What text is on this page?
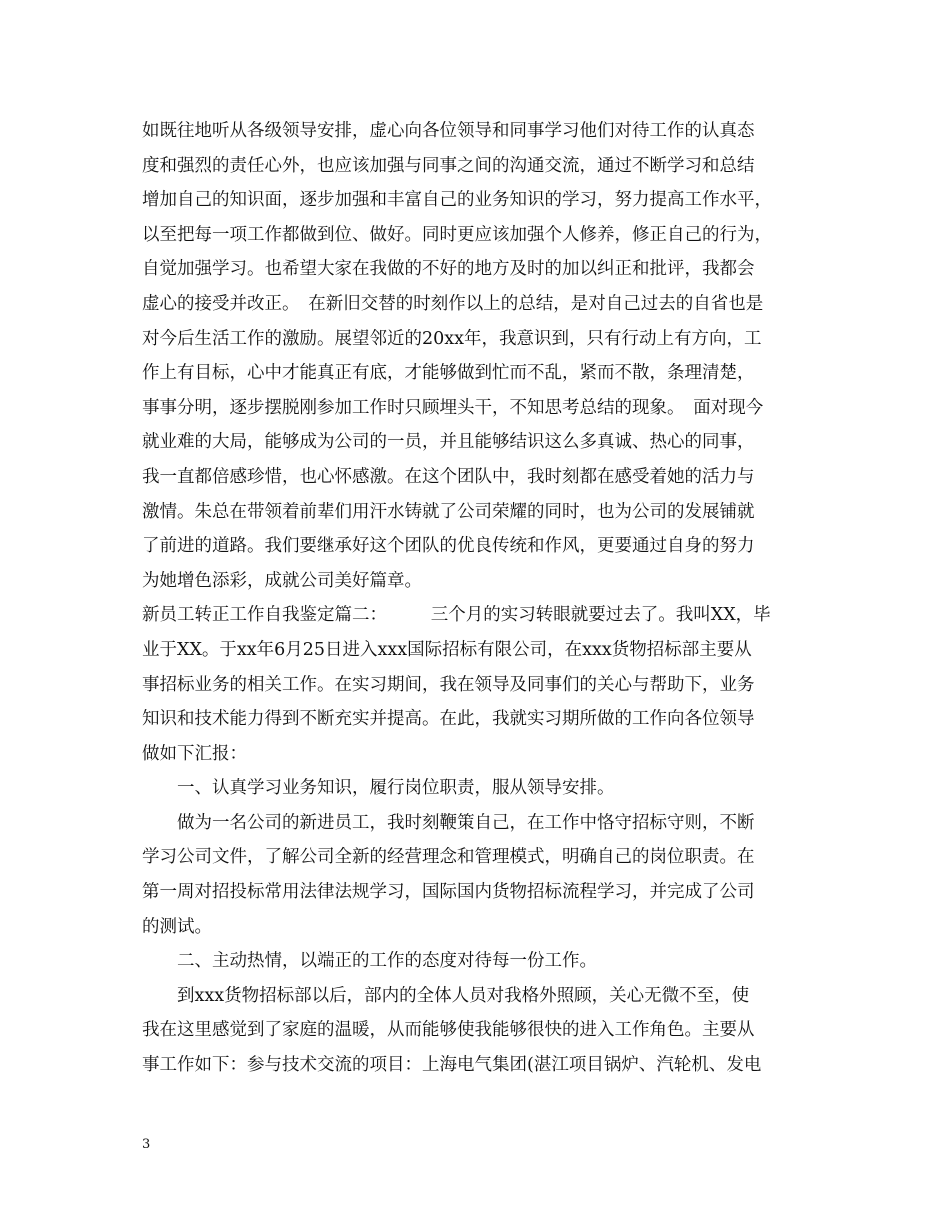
如既往地听从各级领导安排，虚心向各位领导和同事学习他们对待工作的认真态
度和强烈的责任心外，也应该加强与同事之间的沟通交流，通过不断学习和总结
增加自己的知识面，逐步加强和丰富自己的业务知识的学习，努力提高工作水平，
以至把每一项工作都做到位、做好。同时更应该加强个人修养，修正自己的行为，
自觉加强学习。也希望大家在我做的不好的地方及时的加以纠正和批评，我都会
虚心的接受并改正。　在新旧交替的时刻作以上的总结，是对自己过去的自省也是
对今后生活工作的激励。展望邻近的20xx年，我意识到，只有行动上有方向，工
作上有目标，心中才能真正有底，才能够做到忙而不乱，紧而不散，条理清楚，
事事分明，逐步摆脱刚参加工作时只顾埋头干，不知思考总结的现象。　面对现今
就业难的大局，能够成为公司的一员，并且能够结识这么多真诚、热心的同事，
我一直都倍感珍惜，也心怀感激。在这个团队中，我时刻都在感受着她的活力与
激情。朱总在带领着前辈们用汗水铸就了公司荣耀的同时，也为公司的发展铺就
了前进的道路。我们要继承好这个团队的优良传统和作风，更要通过自身的努力
为她增色添彩，成就公司美好篇章。
新员工转正工作自我鉴定篇二：　　　三个月的实习转眼就要过去了。我叫XX，毕
业于XX。于xx年6月25日进入xxx国际招标有限公司，在xxx货物招标部主要从
事招标业务的相关工作。在实习期间，我在领导及同事们的关心与帮助下，业务
知识和技术能力得到不断充实并提高。在此，我就实习期所做的工作向各位领导
做如下汇报：
一、认真学习业务知识，履行岗位职责，服从领导安排。
做为一名公司的新进员工，我时刻鞭策自己，在工作中恪守招标守则，不断
学习公司文件，了解公司全新的经营理念和管理模式，明确自己的岗位职责。在
第一周对招投标常用法律法规学习，国际国内货物招标流程学习，并完成了公司
的测试。
二、主动热情，以端正的工作的态度对待每一份工作。
到xxx货物招标部以后，部内的全体人员对我格外照顾，关心无微不至，使
我在这里感觉到了家庭的温暖，从而能够使我能够很快的进入工作角色。主要从
事工作如下：参与技术交流的项目：上海电气集团(湛江项目锅炉、汽轮机、发电
3
